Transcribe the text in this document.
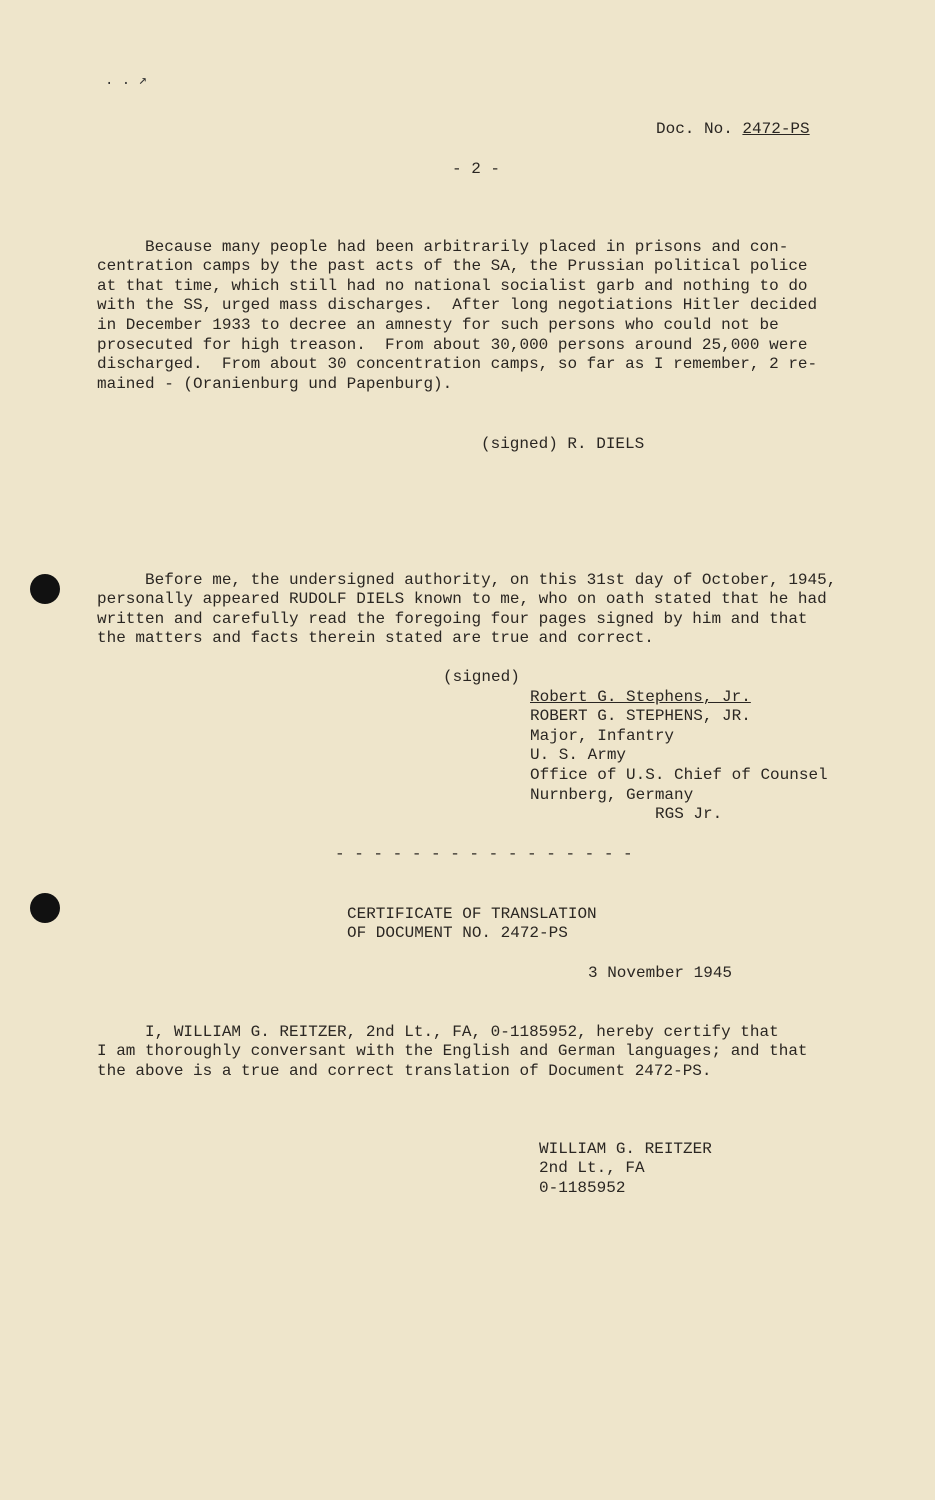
. . ↗
Doc. No. 2472-PS
- 2 -

Because many people had been arbitrarily placed in prisons and con-
centration camps by the past acts of the SA, the Prussian political police
at that time, which still had no national socialist garb and nothing to do
with the SS, urged mass discharges.  After long negotiations Hitler decided
in December 1933 to decree an amnesty for such persons who could not be
prosecuted for high treason.  From about 30,000 persons around 25,000 were
discharged.  From about 30 concentration camps, so far as I remember, 2 re-
mained - (Oranienburg und Papenburg).
(signed) R. DIELS

Before me, the undersigned authority, on this 31st day of October, 1945,
personally appeared RUDOLF DIELS known to me, who on oath stated that he had
written and carefully read the foregoing four pages signed by him and that
the matters and facts therein stated are true and correct.
(signed)

Robert G. Stephens, Jr.
ROBERT G. STEPHENS, JR.
Major, Infantry
U. S. Army
Office of U.S. Chief of Counsel
Nurnberg, Germany
RGS Jr.
- - - - - - - - - - - - - - - -

CERTIFICATE OF TRANSLATION
OF DOCUMENT NO. 2472-PS
3 November 1945

I, WILLIAM G. REITZER, 2nd Lt., FA, 0-1185952, hereby certify that
I am thoroughly conversant with the English and German languages; and that
the above is a true and correct translation of Document 2472-PS.

WILLIAM G. REITZER
2nd Lt., FA
0-1185952
